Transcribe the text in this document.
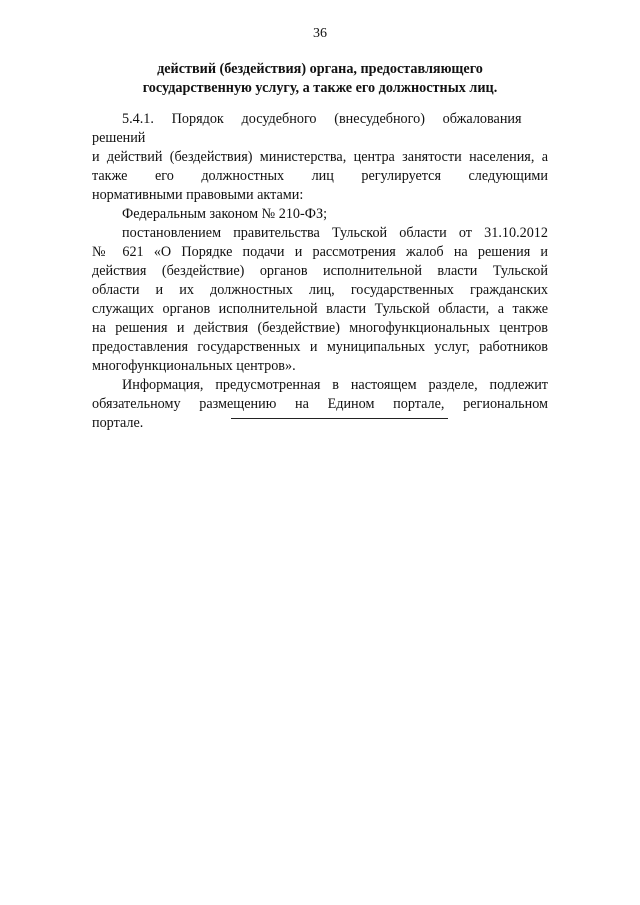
36
действий (бездействия) органа, предоставляющего
государственную услугу, а также его должностных лиц.
5.4.1.     Порядок     досудебного     (внесудебного)     обжалования
решений
и действий (бездействия) министерства, центра занятости населения, а
также его должностных лиц регулируется следующими
нормативными правовыми актами:
Федеральным законом № 210-ФЗ;
постановлением правительства Тульской области от 31.10.2012
№ 621 «О Порядке подачи и рассмотрения жалоб на решения и
действия (бездействие) органов исполнительной власти Тульской
области и их должностных лиц, государственных гражданских
служащих органов исполнительной власти Тульской области, а также
на решения и действия (бездействие) многофункциональных центров
предоставления государственных и муниципальных услуг, работников
многофункциональных центров».
Информация, предусмотренная в настоящем разделе, подлежит
обязательному размещению на Едином портале, региональном
портале.
